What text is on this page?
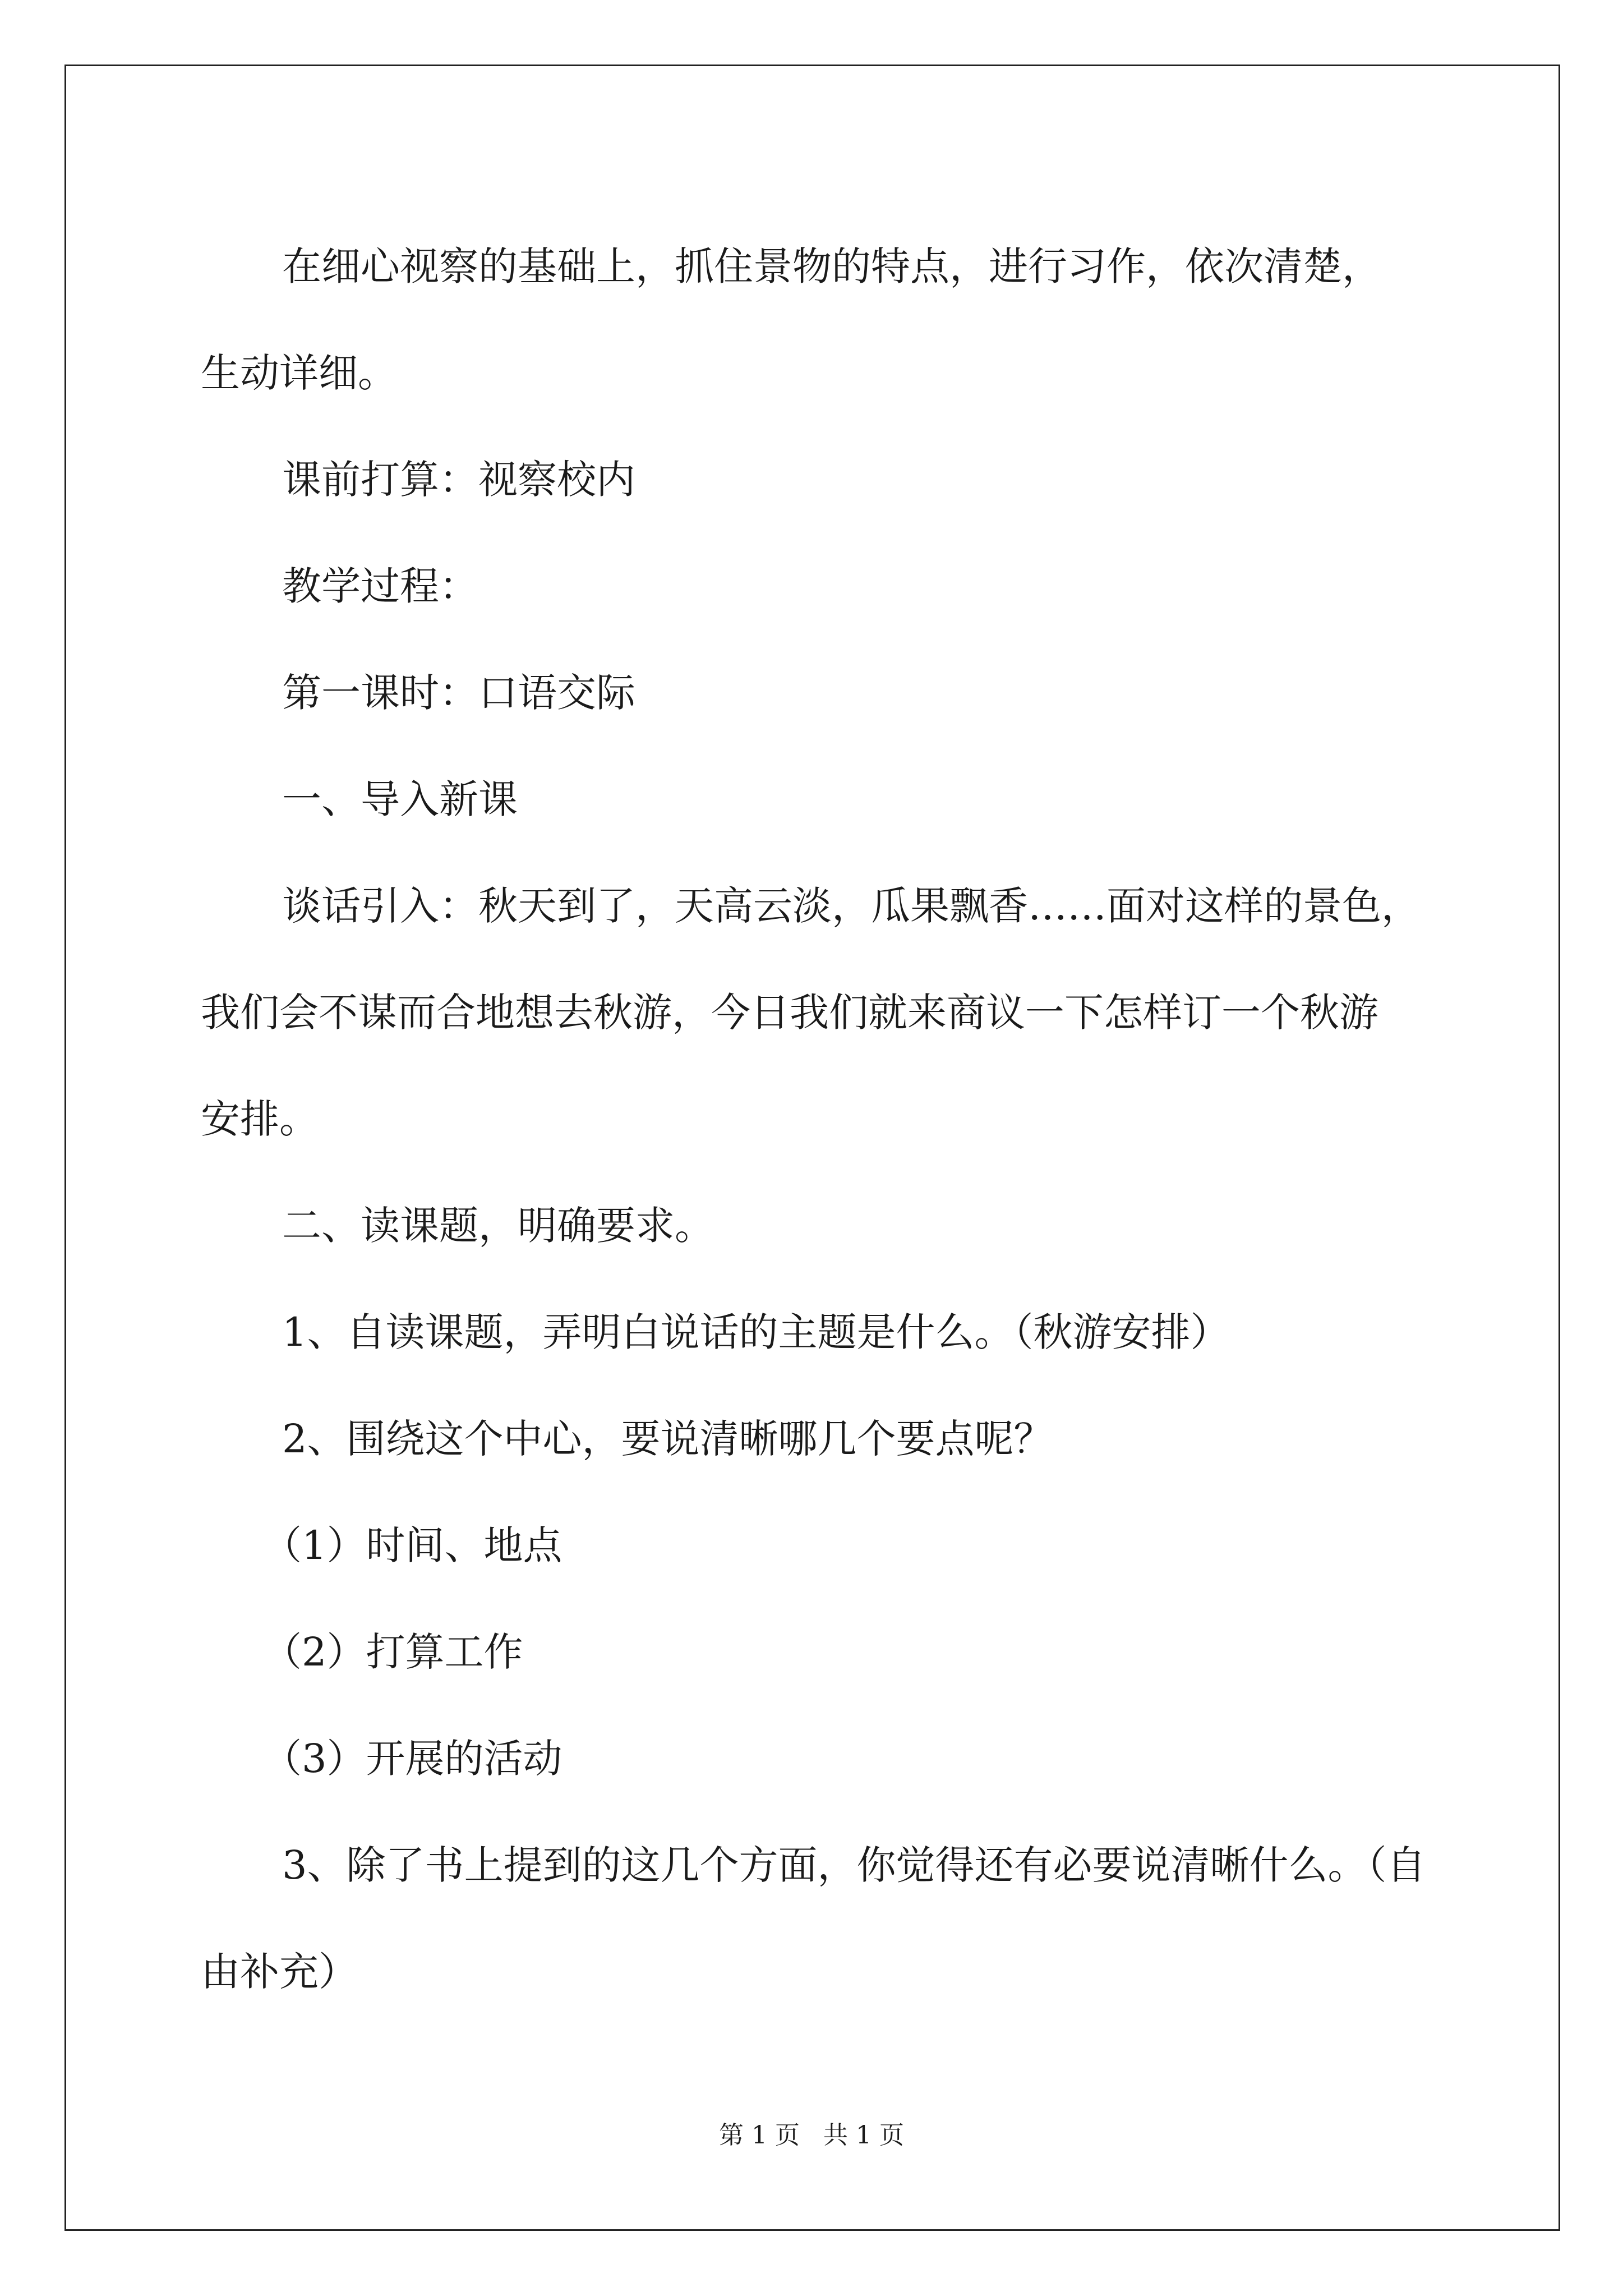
在细心视察的基础上，抓住景物的特点，进行习作，依次清楚，

生动详细。

课前打算：视察校内

教学过程：

第一课时：口语交际

一、导入新课

谈话引入：秋天到了，天高云淡，瓜果飘香……面对这样的景色，

我们会不谋而合地想去秋游，今日我们就来商议一下怎样订一个秋游

安排。

二、读课题，明确要求。

1、自读课题，弄明白说话的主题是什么。（秋游安排）

2、围绕这个中心，要说清晰哪几个要点呢？

（1）时间、地点

（2）打算工作

（3）开展的活动

3、除了书上提到的这几个方面，你觉得还有必要说清晰什么。（自

由补充）

第 1 页 共 1 页
